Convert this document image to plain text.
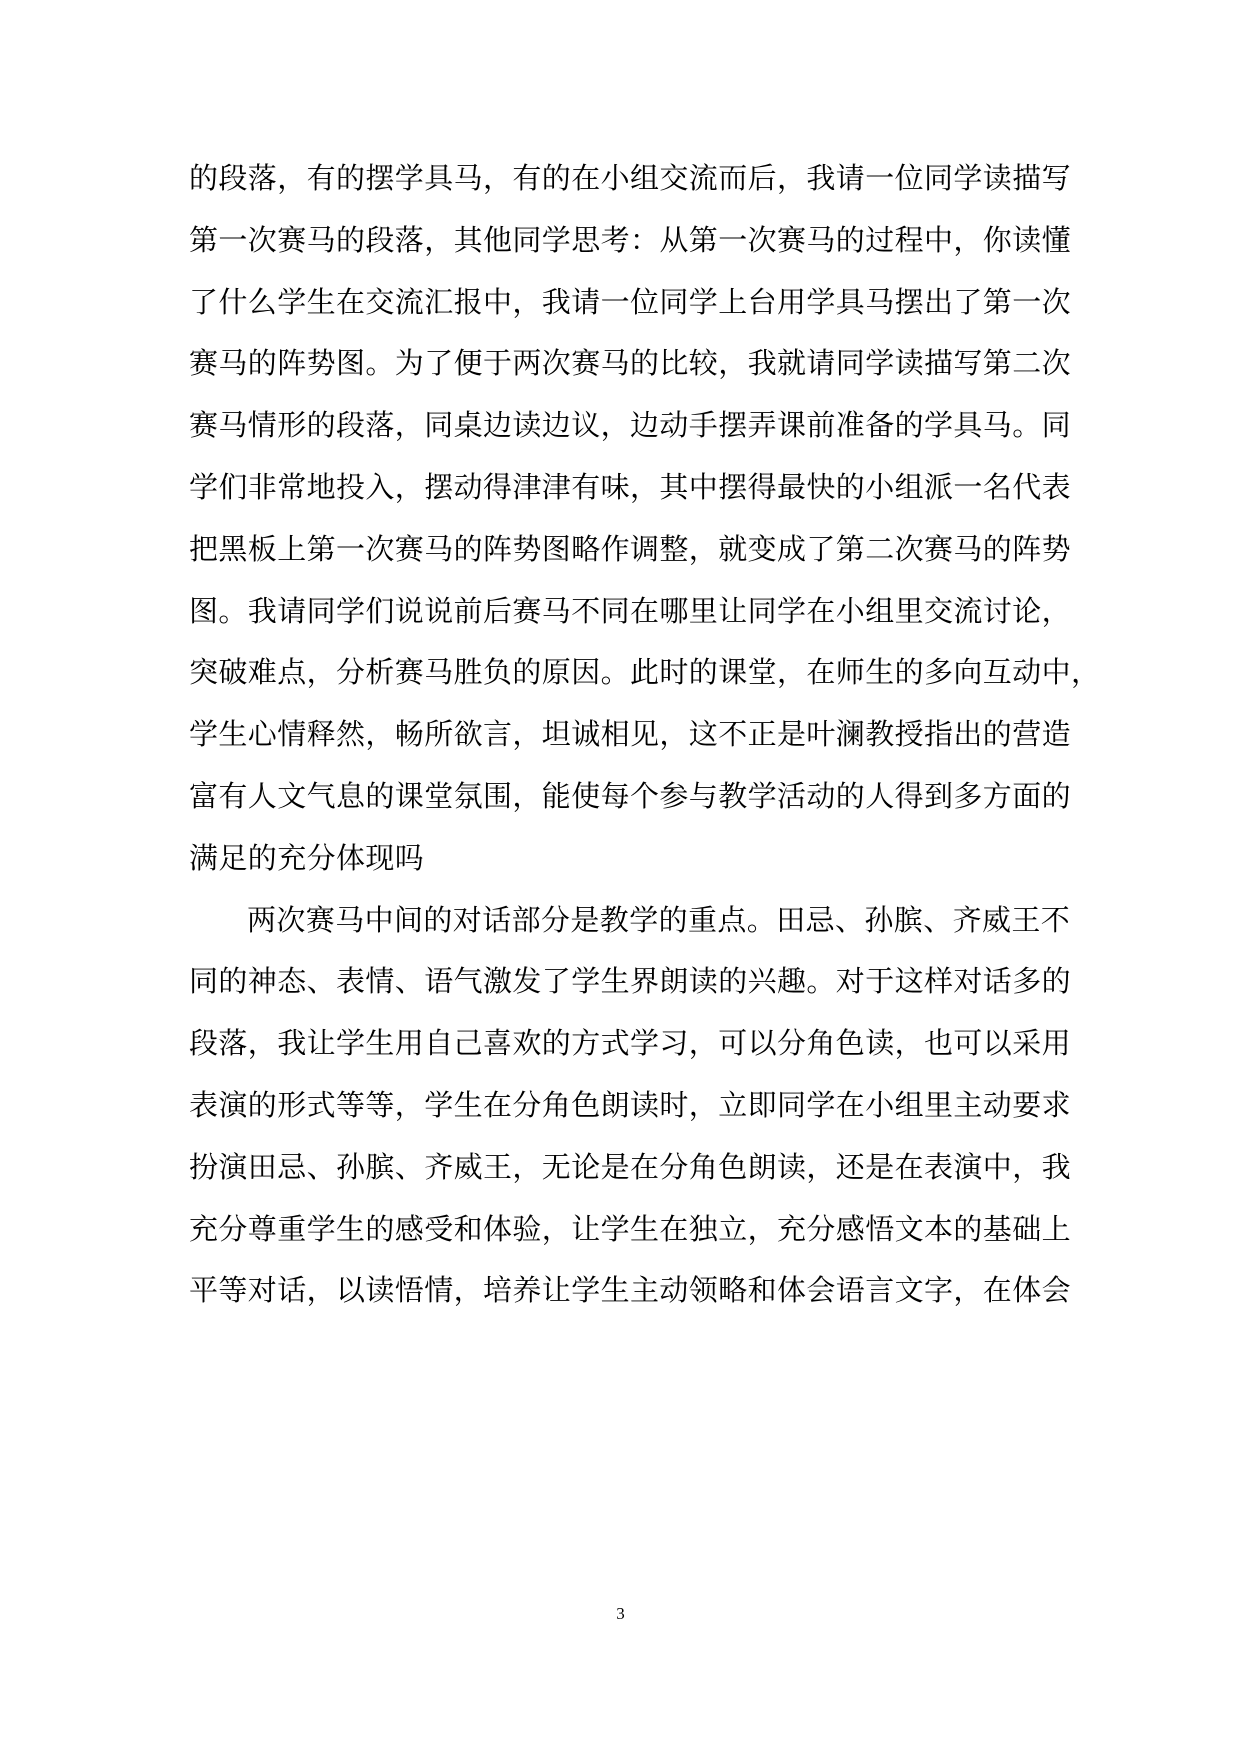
的段落，有的摆学具马，有的在小组交流而后，我请一位同学读描写
第一次赛马的段落，其他同学思考：从第一次赛马的过程中，你读懂
了什么学生在交流汇报中，我请一位同学上台用学具马摆出了第一次
赛马的阵势图。为了便于两次赛马的比较，我就请同学读描写第二次
赛马情形的段落，同桌边读边议，边动手摆弄课前准备的学具马。同
学们非常地投入，摆动得津津有味，其中摆得最快的小组派一名代表
把黑板上第一次赛马的阵势图略作调整，就变成了第二次赛马的阵势
图。我请同学们说说前后赛马不同在哪里让同学在小组里交流讨论，
突破难点，分析赛马胜负的原因。此时的课堂，在师生的多向互动中，
学生心情释然，畅所欲言，坦诚相见，这不正是叶澜教授指出的营造
富有人文气息的课堂氛围，能使每个参与教学活动的人得到多方面的
满足的充分体现吗
两次赛马中间的对话部分是教学的重点。田忌、孙膑、齐威王不
同的神态、表情、语气激发了学生界朗读的兴趣。对于这样对话多的
段落，我让学生用自己喜欢的方式学习，可以分角色读，也可以采用
表演的形式等等，学生在分角色朗读时，立即同学在小组里主动要求
扮演田忌、孙膑、齐威王，无论是在分角色朗读，还是在表演中，我
充分尊重学生的感受和体验，让学生在独立，充分感悟文本的基础上
平等对话，以读悟情，培养让学生主动领略和体会语言文字，在体会
3
